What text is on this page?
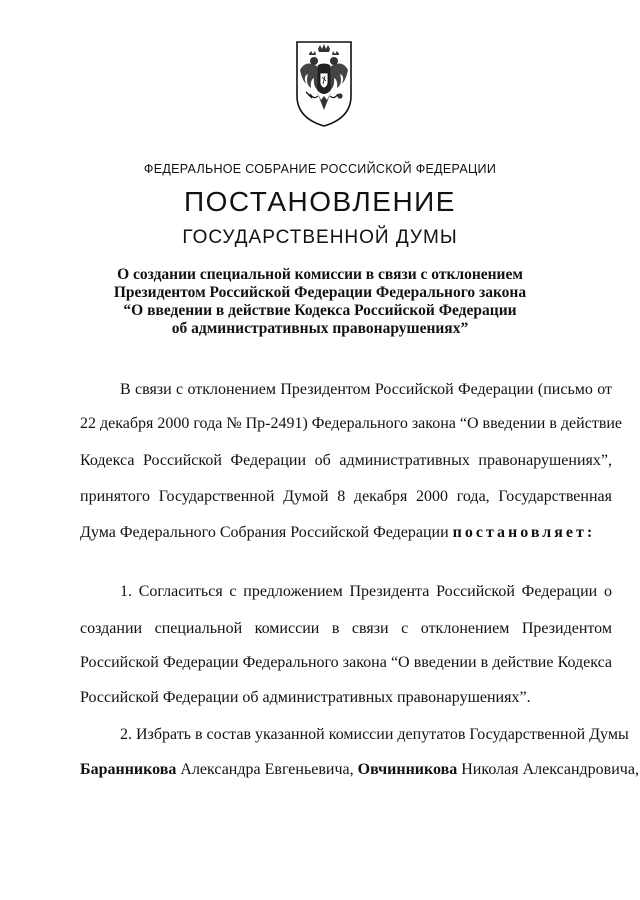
ФЕДЕРАЛЬНОЕ СОБРАНИЕ РОССИЙСКОЙ ФЕДЕРАЦИИ
ПОСТАНОВЛЕНИЕ
ГОСУДАРСТВЕННОЙ ДУМЫ
О создании специальной комиссии в связи с отклонением
Президентом Российской Федерации Федерального закона
“О введении в действие Кодекса Российской Федерации
об административных правонарушениях”
В связи с отклонением Президентом Российской Федерации (письмо от
22 декабря 2000 года № Пр-2491) Федерального закона “О введении в действие
Кодекса Российской Федерации об административных правонарушениях”,
принятого Государственной Думой 8 декабря 2000 года, Государственная
Дума Федерального Собрания Российской Федерации постановляет:
1. Согласиться с предложением Президента Российской Федерации о
создании специальной комиссии в связи с отклонением Президентом
Российской Федерации Федерального закона “О введении в действие Кодекса
Российской Федерации об административных правонарушениях”.
2. Избрать в состав указанной комиссии депутатов Государственной Думы
Баранникова Александра Евгеньевича, Овчинникова Николая Александровича,
